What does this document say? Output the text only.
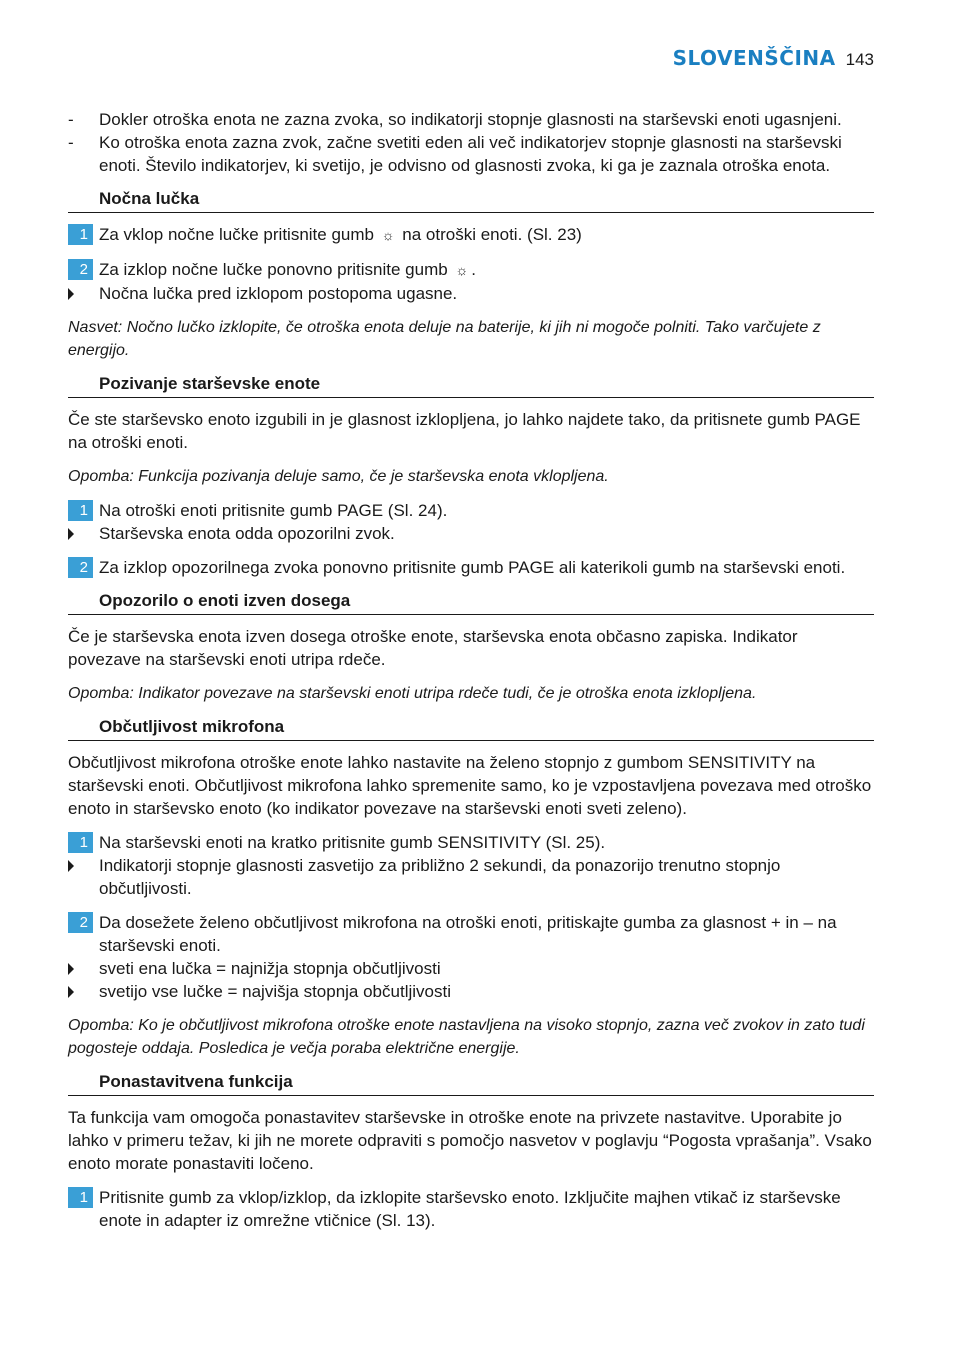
SLOVENŠČINA 143
- Dokler otroška enota ne zazna zvoka, so indikatorji stopnje glasnosti na starševski enoti ugasnjeni.
- Ko otroška enota zazna zvok, začne svetiti eden ali več indikatorjev stopnje glasnosti na starševski enoti. Število indikatorjev, ki svetijo, je odvisno od glasnosti zvoka, ki ga je zaznala otroška enota.
Nočna lučka
1 Za vklop nočne lučke pritisnite gumb ☼ na otroški enoti. (Sl. 23)
2 Za izklop nočne lučke ponovno pritisnite gumb ☼ .
Nočna lučka pred izklopom postopoma ugasne.

Nasvet: Nočno lučko izklopite, če otroška enota deluje na baterije, ki jih ni mogoče polniti. Tako varčujete z energijo.

Pozivanje starševske enote

Če ste starševsko enoto izgubili in je glasnost izklopljena, jo lahko najdete tako, da pritisnete gumb PAGE na otroški enoti.

Opomba: Funkcija pozivanja deluje samo, če je starševska enota vklopljena.

1 Na otroški enoti pritisnite gumb PAGE (Sl. 24).
Starševska enota odda opozorilni zvok.
2 Za izklop opozorilnega zvoka ponovno pritisnite gumb PAGE ali katerikoli gumb na starševski enoti.
Opozorilo o enoti izven dosega

Če je starševska enota izven dosega otroške enote, starševska enota občasno zapiska. Indikator povezave na starševski enoti utripa rdeče.

Opomba: Indikator povezave na starševski enoti utripa rdeče tudi, če je otroška enota izklopljena.

Občutljivost mikrofona

Občutljivost mikrofona otroške enote lahko nastavite na želeno stopnjo z gumbom SENSITIVITY na starševski enoti. Občutljivost mikrofona lahko spremenite samo, ko je vzpostavljena povezava med otroško enoto in starševsko enoto (ko indikator povezave na starševski enoti sveti zeleno).

1 Na starševski enoti na kratko pritisnite gumb SENSITIVITY (Sl. 25).
Indikatorji stopnje glasnosti zasvetijo za približno 2 sekundi, da ponazorijo trenutno stopnjo občutljivosti.
2 Da dosežete želeno občutljivost mikrofona na otroški enoti, pritiskajte gumba za glasnost + in – na starševski enoti.
sveti ena lučka = najnižja stopnja občutljivosti
svetijo vse lučke = najvišja stopnja občutljivosti

Opomba: Ko je občutljivost mikrofona otroške enote nastavljena na visoko stopnjo, zazna več zvokov in zato tudi pogosteje oddaja. Posledica je večja poraba električne energije.

Ponastavitvena funkcija

Ta funkcija vam omogoča ponastavitev starševske in otroške enote na privzete nastavitve. Uporabite jo lahko v primeru težav, ki jih ne morete odpraviti s pomočjo nasvetov v poglavju “Pogosta vprašanja”. Vsako enoto morate ponastaviti ločeno.

1 Pritisnite gumb za vklop/izklop, da izklopite starševsko enoto. Izključite majhen vtikač iz starševske enote in adapter iz omrežne vtičnice (Sl. 13).
